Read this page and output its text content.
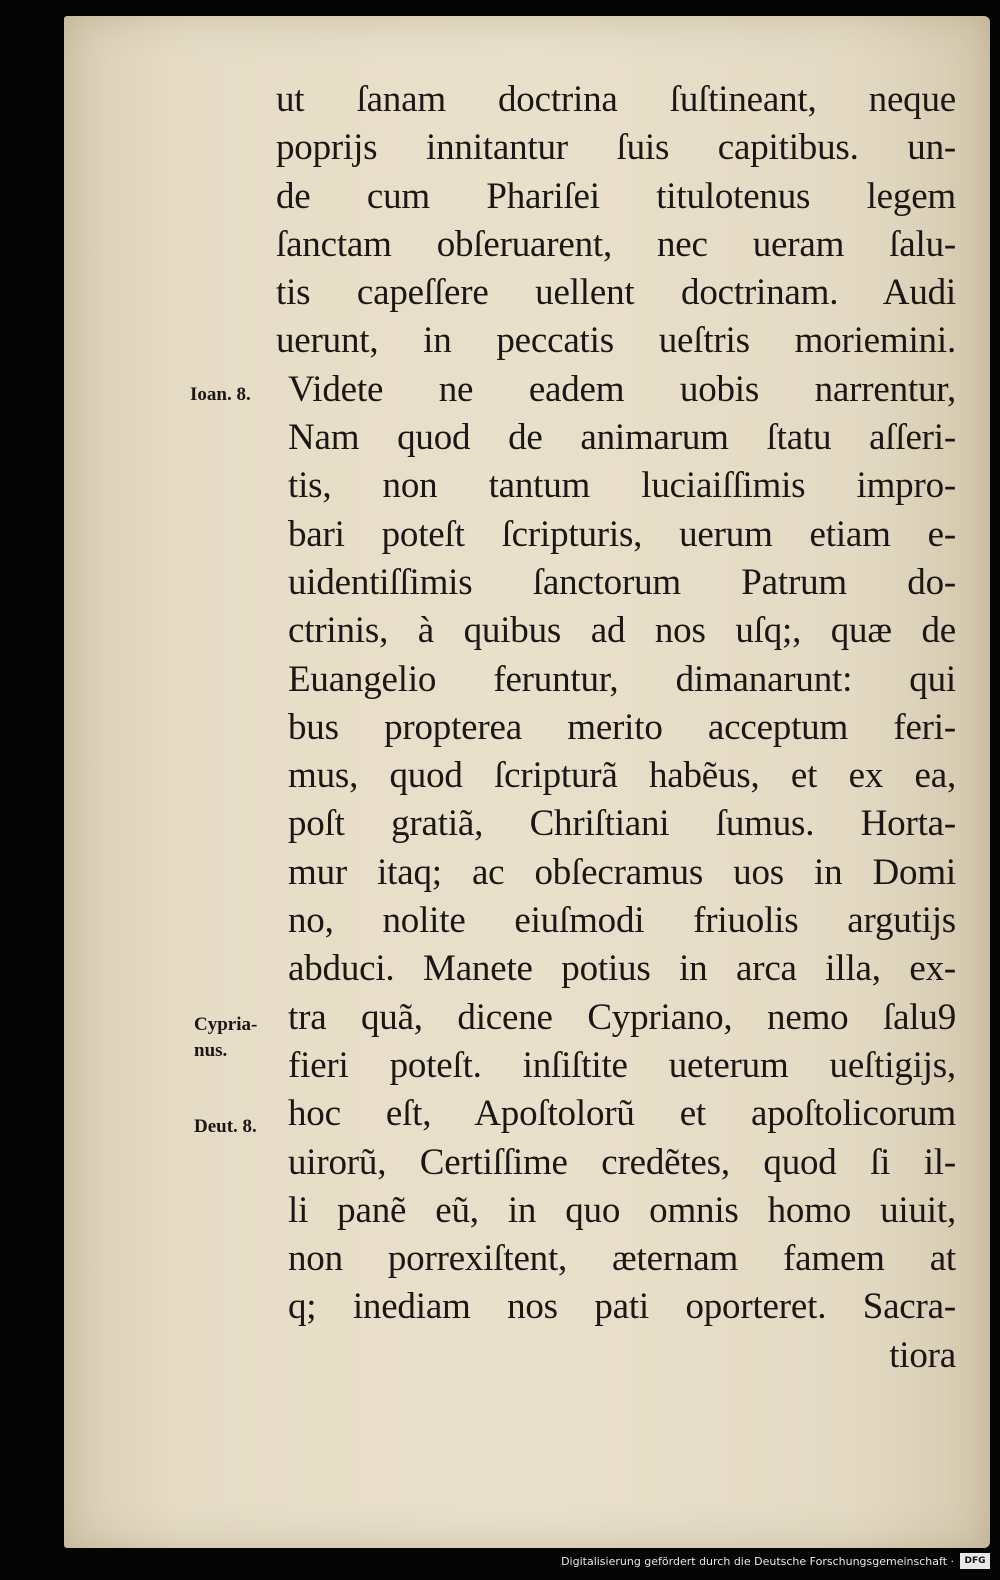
ut ſanam doctrina ſuſtineant, neque
poprijs innitantur ſuis capitibus. un-
de cum Phariſei titulotenus legem
ſanctam obſeruarent, nec ueram ſalu-
tis capeſſere uellent doctrinam. Audi
uerunt, in peccatis ueſtris moriemini.
Videte ne eadem uobis narrentur,
Nam quod de animarum ſtatu aſſeri-
tis, non tantum luciaiſſimis impro-
bari poteſt ſcripturis, uerum etiam e-
uidentiſſimis ſanctorum Patrum do-
ctrinis, à quibus ad nos uſq;, quæ de
Euangelio feruntur, dimanarunt: qui
bus propterea merito acceptum feri-
mus, quod ſcripturã habẽus, et ex ea,
poſt gratiã, Chriſtiani ſumus. Horta-
mur itaq; ac obſecramus uos in Domi
no, nolite eiuſmodi friuolis argutijs
abduci. Manete potius in arca illa, ex-
tra quã, dicene Cypriano, nemo ſalu9
fieri poteſt. inſiſtite ueterum ueſtigijs,
hoc eſt, Apoſtolorũ et apoſtolicorum
uirorũ, Certiſſime credẽtes, quod ſi il-
li panẽ eũ, in quo omnis homo uiuit,
non porrexiſtent, æternam famem at
q; inediam nos pati oporteret. Sacra-
tiora
Ioan. 8.
Cypria-
nus.
Deut. 8.
Digitalisierung gefördert durch die Deutsche Forschungsgemeinschaft ·	DFG
